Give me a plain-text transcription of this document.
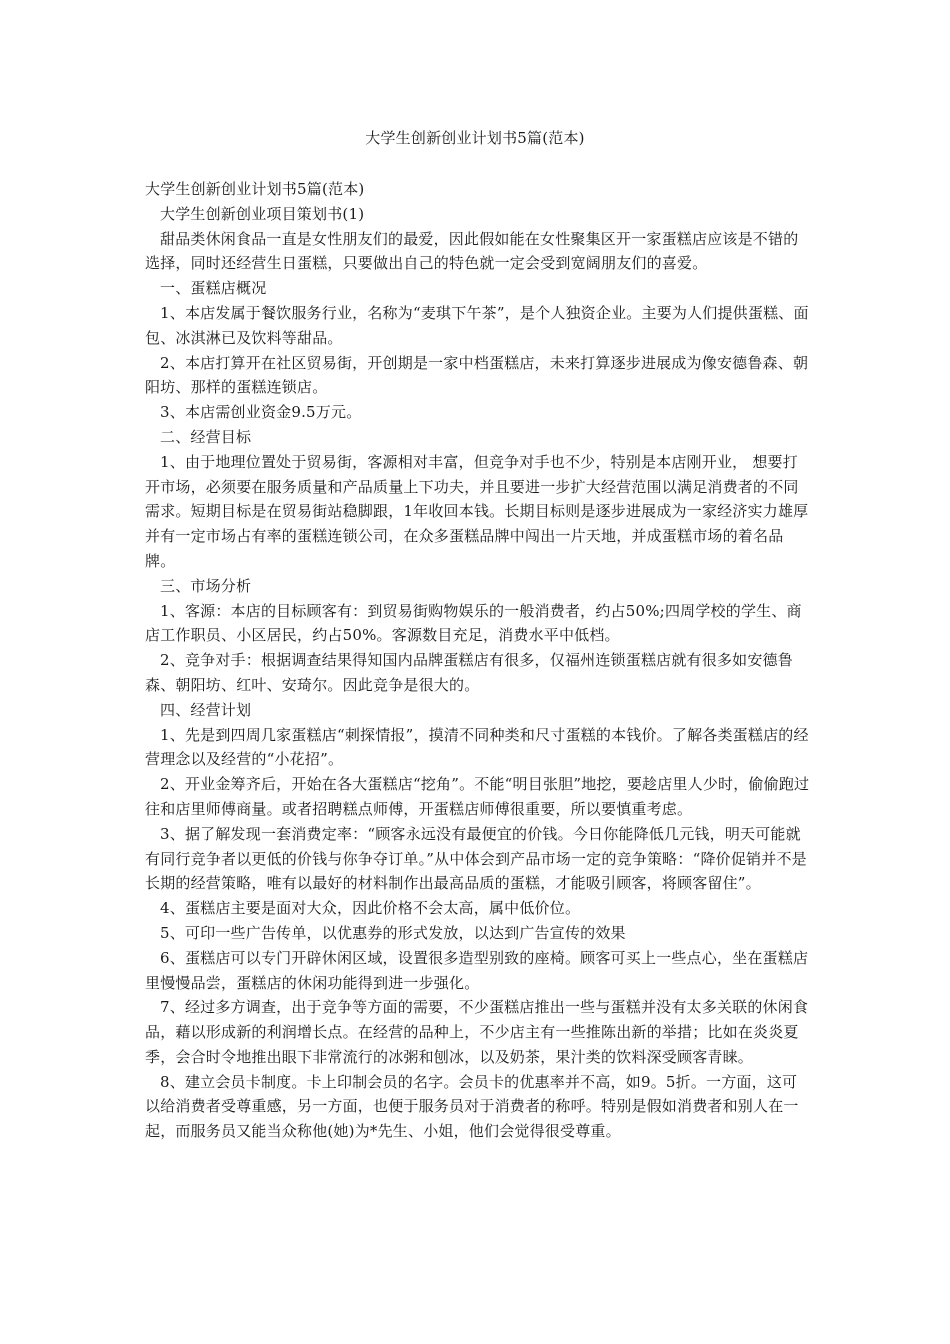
大学生创新创业计划书5篇(范本)

大学生创新创业计划书5篇(范本)

大学生创新创业项目策划书(1)

甜品类休闲食品一直是女性朋友们的最爱，因此假如能在女性聚集区开一家蛋糕店应该是不错的选择，同时还经营生日蛋糕，只要做出自己的特色就一定会受到宽阔朋友们的喜爱。

一、蛋糕店概况

1、本店发属于餐饮服务行业，名称为“麦琪下午茶”，是个人独资企业。主要为人们提供蛋糕、面包、冰淇淋已及饮料等甜品。

2、本店打算开在社区贸易街，开创期是一家中档蛋糕店，未来打算逐步进展成为像安德鲁森、朝阳坊、那样的蛋糕连锁店。

3、本店需创业资金9.5万元。

二、经营目标

1、由于地理位置处于贸易街，客源相对丰富，但竞争对手也不少，特别是本店刚开业， 想要打开市场，必须要在服务质量和产品质量上下功夫，并且要进一步扩大经营范围以满足消费者的不同需求。短期目标是在贸易街站稳脚跟，1年收回本钱。长期目标则是逐步进展成为一家经济实力雄厚并有一定市场占有率的蛋糕连锁公司，在众多蛋糕品牌中闯出一片天地，并成蛋糕市场的着名品牌。

三、市场分析

1、客源：本店的目标顾客有：到贸易街购物娱乐的一般消费者，约占50%;四周学校的学生、商店工作职员、小区居民，约占50%。客源数目充足，消费水平中低档。

2、竞争对手：根据调查结果得知国内品牌蛋糕店有很多，仅福州连锁蛋糕店就有很多如安德鲁森、朝阳坊、红叶、安琦尔。因此竞争是很大的。

四、经营计划

1、先是到四周几家蛋糕店“刺探情报”，摸清不同种类和尺寸蛋糕的本钱价。了解各类蛋糕店的经营理念以及经营的“小花招”。

2、开业金筹齐后，开始在各大蛋糕店“挖角”。不能“明目张胆”地挖，要趁店里人少时，偷偷跑过往和店里师傅商量。或者招聘糕点师傅，开蛋糕店师傅很重要，所以要慎重考虑。

3、据了解发现一套消费定率：“顾客永远没有最便宜的价钱。今日你能降低几元钱，明天可能就有同行竞争者以更低的价钱与你争夺订单。”从中体会到产品市场一定的竞争策略：“降价促销并不是长期的经营策略，唯有以最好的材料制作出最高品质的蛋糕，才能吸引顾客，将顾客留住”。

4、蛋糕店主要是面对大众，因此价格不会太高，属中低价位。

5、可印一些广告传单，以优惠券的形式发放，以达到广告宣传的效果

6、蛋糕店可以专门开辟休闲区域，设置很多造型别致的座椅。顾客可买上一些点心，坐在蛋糕店里慢慢品尝，蛋糕店的休闲功能得到进一步强化。

7、经过多方调查，出于竞争等方面的需要，不少蛋糕店推出一些与蛋糕并没有太多关联的休闲食品，藉以形成新的利润增长点。在经营的品种上，不少店主有一些推陈出新的举措；比如在炎炎夏季，会合时令地推出眼下非常流行的冰粥和刨冰，以及奶茶，果汁类的饮料深受顾客青睐。

8、建立会员卡制度。卡上印制会员的名字。会员卡的优惠率并不高，如9。5折。一方面，这可以给消费者受尊重感，另一方面，也便于服务员对于消费者的称呼。特别是假如消费者和别人在一起，而服务员又能当众称他(她)为*先生、小姐，他们会觉得很受尊重。
